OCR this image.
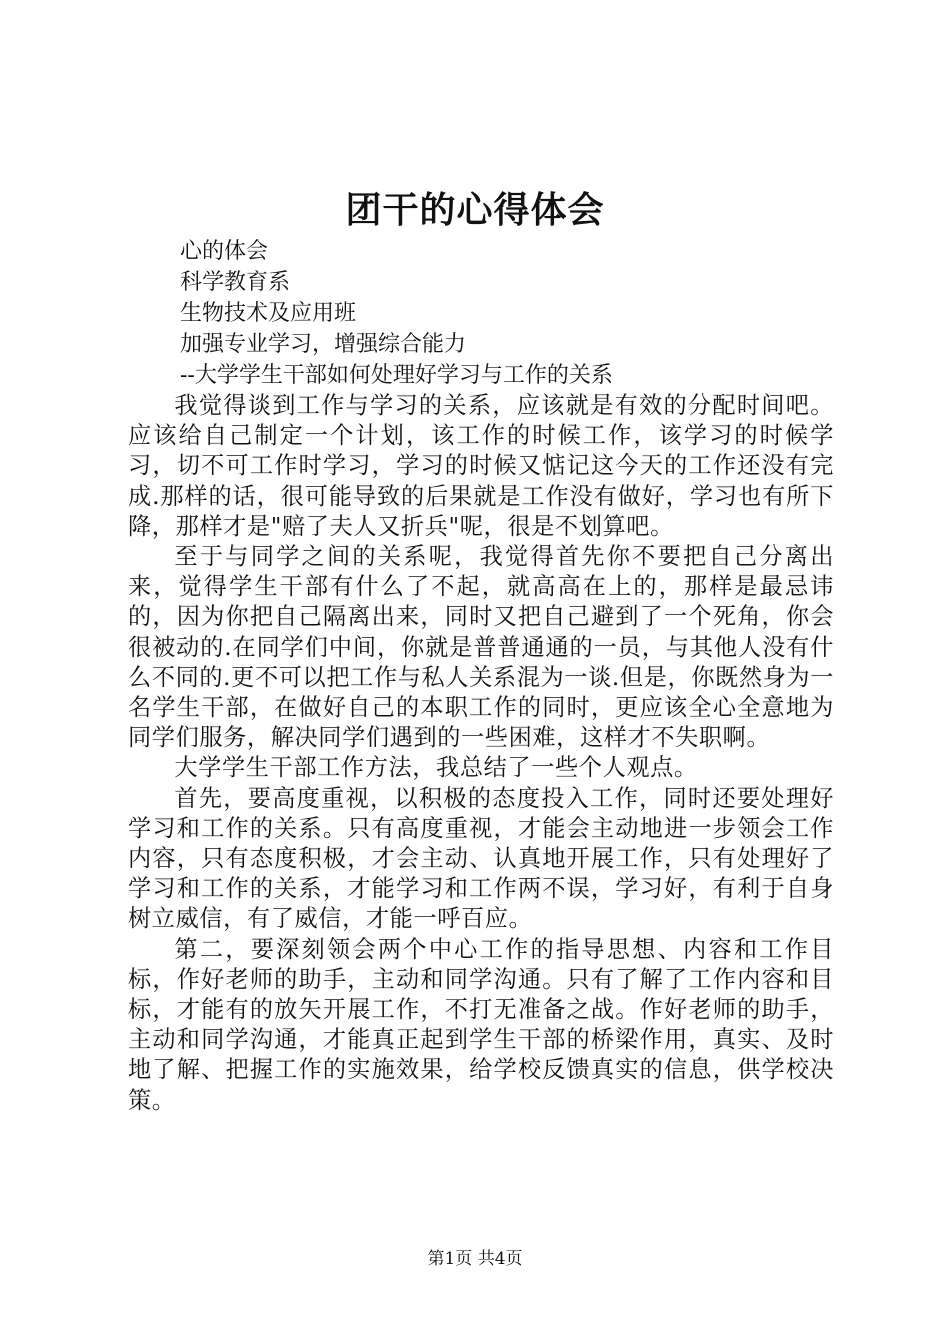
团干的心得体会
心的体会
科学教育系
生物技术及应用班
加强专业学习，增强综合能力
--大学学生干部如何处理好学习与工作的关系

我觉得谈到工作与学习的关系，应该就是有效的分配时间吧。应该给自己制定一个计划，该工作的时候工作，该学习的时候学习，切不可工作时学习，学习的时候又惦记这今天的工作还没有完成.那样的话，很可能导致的后果就是工作没有做好，学习也有所下降，那样才是"赔了夫人又折兵"呢，很是不划算吧。

至于与同学之间的关系呢，我觉得首先你不要把自己分离出来，觉得学生干部有什么了不起，就高高在上的，那样是最忌讳的，因为你把自己隔离出来，同时又把自己避到了一个死角，你会很被动的.在同学们中间，你就是普普通通的一员，与其他人没有什么不同的.更不可以把工作与私人关系混为一谈.但是，你既然身为一名学生干部，在做好自己的本职工作的同时，更应该全心全意地为同学们服务，解决同学们遇到的一些困难，这样才不失职啊。

大学学生干部工作方法，我总结了一些个人观点。

首先，要高度重视，以积极的态度投入工作，同时还要处理好学习和工作的关系。只有高度重视，才能会主动地进一步领会工作内容，只有态度积极，才会主动、认真地开展工作，只有处理好了学习和工作的关系，才能学习和工作两不误，学习好，有利于自身树立威信，有了威信，才能一呼百应。

第二，要深刻领会两个中心工作的指导思想、内容和工作目标，作好老师的助手，主动和同学沟通。只有了解了工作内容和目标，才能有的放矢开展工作，不打无准备之战。作好老师的助手，主动和同学沟通，才能真正起到学生干部的桥梁作用，真实、及时地了解、把握工作的实施效果，给学校反馈真实的信息，供学校决策。

第1页 共4页
